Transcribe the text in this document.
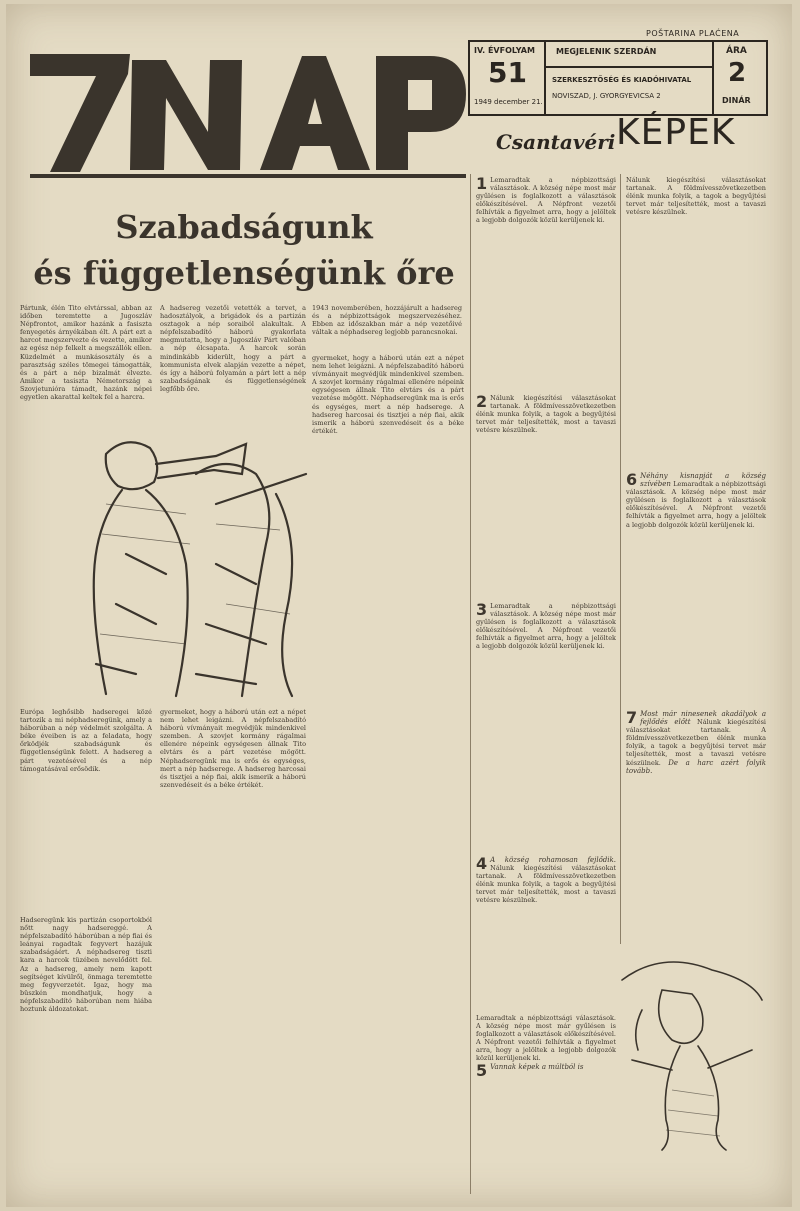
POŠTARINA PLAĆENA
IV. ÉVFOLYAM
51
1949 december 21.
MEGJELENIK SZERDÁN
SZERKESZTŐSÉG ÉS KIADÓHIVATAL
NOVISZAD, J. GYORGYEVICSA 2
ÁRA
2
DINÁR
Csantavéri KÉPEK
Szabadságunk
és függetlenségünk őre
Pártunk, élén Tito elvtárssal, abban az időben teremtette a Jugoszláv Népfrontot, amikor hazánk a fasiszta fenyegetés árnyékában élt. A párt ezt a harcot megszervezte és vezette, amikor az egész nép felkelt a megszállók ellen. Küzdelmét a munkásosztály és a parasztság széles tömegei támogatták, és a párt a nép bizalmát élvezte. Amikor a tasiszta Németország a Szovjetunióra támadt, hazánk népei egyetlen akarattal keltek fel a harcra.
A hadsereg vezetői vetették a tervet, a hadosztályok, a brigádok és a partizán osztagok a nép soraiból alakultak. A népfelszabadító háború gyakorlata megmutatta, hogy a Jugoszláv Párt valóban a nép élcsapata. A harcok során mindinkább kiderült, hogy a párt a kommunista elvek alapján vezette a népet, és így a háború folyamán a párt lett a nép szabadságának és függetlenségének legfőbb őre.
1943 novemberében, hozzájárult a hadsereg és a népbizottságok megszervezéséhez. Ebben az időszakban már a nép vezetőivé váltak a néphadsereg legjobb parancsnokai.
Európa leghősibb hadseregei közé tartozik a mi néphadseregünk, amely a háborúban a nép védelmét szolgálta. A béke éveiben is az a feladata, hogy őrködjék szabadságunk és függetlenségünk felett. A hadsereg a párt vezetésével és a nép támogatásával erősödik.
Hadseregünk kis partizán csoportokból nőtt nagy hadsereggé. A népfelszabadító háborúban a nép fiai és leányai ragadtak fegyvert hazájuk szabadságáért. A néphadsereg tiszti kara a harcok tüzében nevelődött fel. Az a hadsereg, amely nem kapott segítséget kívülről, önmaga teremtette meg fegyverzetét. Igaz, hogy ma büszkén mondhatjuk, hogy a népfelszabadító háborúban nem hiába hoztunk áldozatokat.
gyermeket, hogy a háború után ezt a népet nem lehet leigázni. A népfelszabadító háború vívmányait megvédjük mindenkivel szemben. A szovjet kormány rágalmai ellenére népeink egységesen állnak Tito elvtárs és a párt vezetése mögött. Néphadseregünk ma is erős és egységes, mert a nép hadserege. A hadsereg harcosai és tisztjei a nép fiai, akik ismerik a háború szenvedéseit és a béke értékét.
gyermeket, hogy a háború után ezt a népet nem lehet leigázni. A népfelszabadító háború vívmányait megvédjük mindenkivel szemben. A szovjet kormány rágalmai ellenére népeink egységesen állnak Tito elvtárs és a párt vezetése mögött. Néphadseregünk ma is erős és egységes, mert a nép hadserege. A hadsereg harcosai és tisztjei a nép fiai, akik ismerik a háború szenvedéseit és a béke értékét.
1 Lemaradtak a népbizottsági választások. A község népe most már gyűlésen is foglalkozott a választások előkészítésével. A Népfront vezetői felhívták a figyelmet arra, hogy a jelöltek a legjobb dolgozók közül kerüljenek ki.
2 Nálunk kiegészítési választásokat tartanak. A földmívesszövetkezetben élénk munka folyik, a tagok a begyűjtési tervet már teljesítették, most a tavaszi vetésre készülnek.
3 Lemaradtak a népbizottsági választások. A község népe most már gyűlésen is foglalkozott a választások előkészítésével. A Népfront vezetői felhívták a figyelmet arra, hogy a jelöltek a legjobb dolgozók közül kerüljenek ki.
4 A község rohamosan fejlődik. Nálunk kiegészítési választásokat tartanak. A földmívesszövetkezetben élénk munka folyik, a tagok a begyűjtési tervet már teljesítették, most a tavaszi vetésre készülnek.
Lemaradtak a népbizottsági választások. A község népe most már gyűlésen is foglalkozott a választások előkészítésével. A Népfront vezetői felhívták a figyelmet arra, hogy a jelöltek a legjobb dolgozók közül kerüljenek ki.

5 Vannak képek a múltból is
Nálunk kiegészítési választásokat tartanak. A földmívesszövetkezetben élénk munka folyik, a tagok a begyűjtési tervet már teljesítették, most a tavaszi vetésre készülnek.
6 Néhány kisnapját a község szívében Lemaradtak a népbizottsági választások. A község népe most már gyűlésen is foglalkozott a választások előkészítésével. A Népfront vezetői felhívták a figyelmet arra, hogy a jelöltek a legjobb dolgozók közül kerüljenek ki.
7 Most már ninesenek akadályok a fejlődés előtt Nálunk kiegészítési választásokat tartanak. A földmívesszövetkezetben élénk munka folyik, a tagok a begyűjtési tervet már teljesítették, most a tavaszi vetésre készülnek. De a harc azért folyik tovább.
